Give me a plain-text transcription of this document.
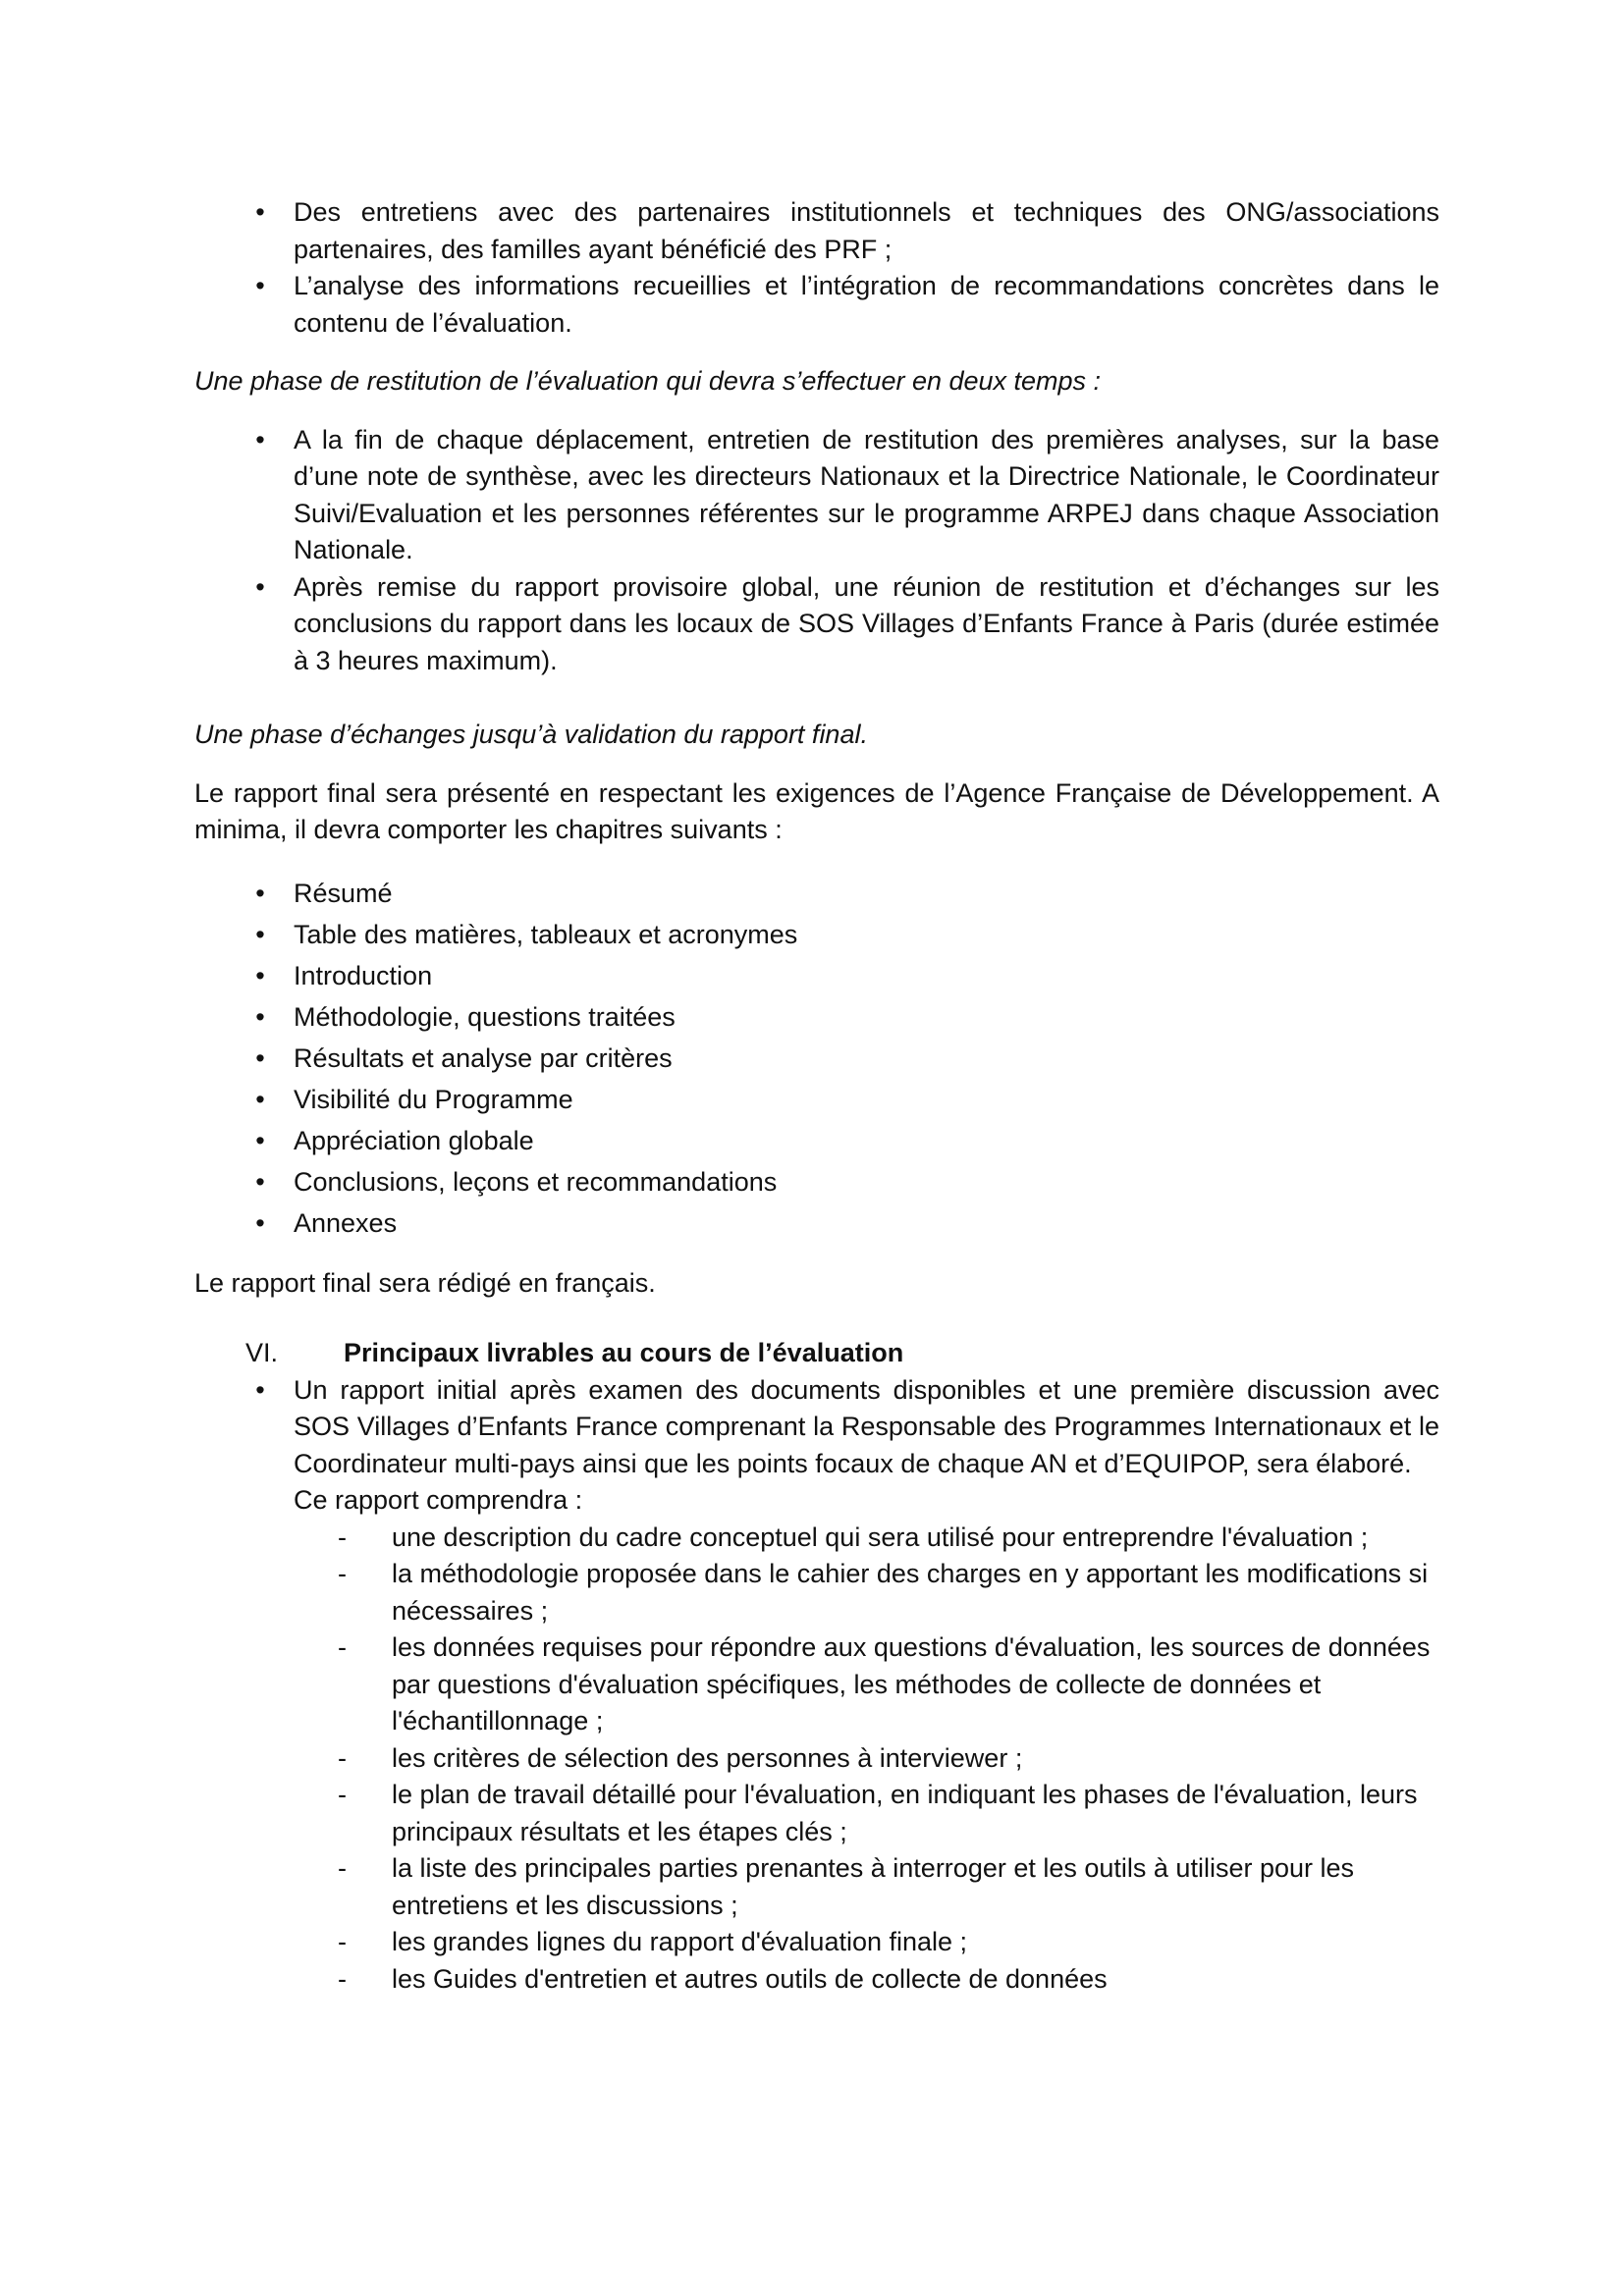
•	Des entretiens avec des partenaires institutionnels et techniques des ONG/associations partenaires, des familles ayant bénéficié des PRF ;
•	L’analyse des informations recueillies et l’intégration de recommandations concrètes dans le contenu de l’évaluation.

Une phase de restitution de l’évaluation qui devra s’effectuer en deux temps :

•	A la fin de chaque déplacement, entretien de restitution des premières analyses, sur la base d’une note de synthèse, avec les directeurs Nationaux et la Directrice Nationale, le Coordinateur Suivi/Evaluation et les personnes référentes sur le programme ARPEJ dans chaque Association Nationale.
•	Après remise du rapport provisoire global, une réunion de restitution et d’échanges sur les conclusions du rapport dans les locaux de SOS Villages d’Enfants France à Paris (durée estimée à 3 heures maximum).

Une phase d’échanges jusqu’à validation du rapport final.

Le rapport final sera présenté en respectant les exigences de l’Agence Française de Développement. A minima, il devra comporter les chapitres suivants :

•	Résumé
•	Table des matières, tableaux et acronymes
•	Introduction
•	Méthodologie, questions traitées
•	Résultats et analyse par critères
•	Visibilité du Programme
•	Appréciation globale
•	Conclusions, leçons et recommandations
•	Annexes

Le rapport final sera rédigé en français.

VI. Principaux livrables au cours de l’évaluation
•	Un rapport initial après examen des documents disponibles et une première discussion avec SOS Villages d’Enfants France comprenant la Responsable des Programmes Internationaux et le Coordinateur multi-pays ainsi que les points focaux de chaque AN et d’EQUIPOP, sera élaboré.

Ce rapport comprendra :

-	une description du cadre conceptuel qui sera utilisé pour entreprendre l'évaluation ;
-	la méthodologie proposée dans le cahier des charges en y apportant les modifications si nécessaires ;
-	les données requises pour répondre aux questions d'évaluation, les sources de données par questions d'évaluation spécifiques, les méthodes de collecte de données et l'échantillonnage ;
-	les critères de sélection des personnes à interviewer ;
-	le plan de travail détaillé pour l'évaluation, en indiquant les phases de l'évaluation, leurs principaux résultats et les étapes clés ;
-	la liste des principales parties prenantes à interroger et les outils à utiliser pour les entretiens et les discussions ;
-	les grandes lignes du rapport d'évaluation finale ;
-	les Guides d'entretien et autres outils de collecte de données
